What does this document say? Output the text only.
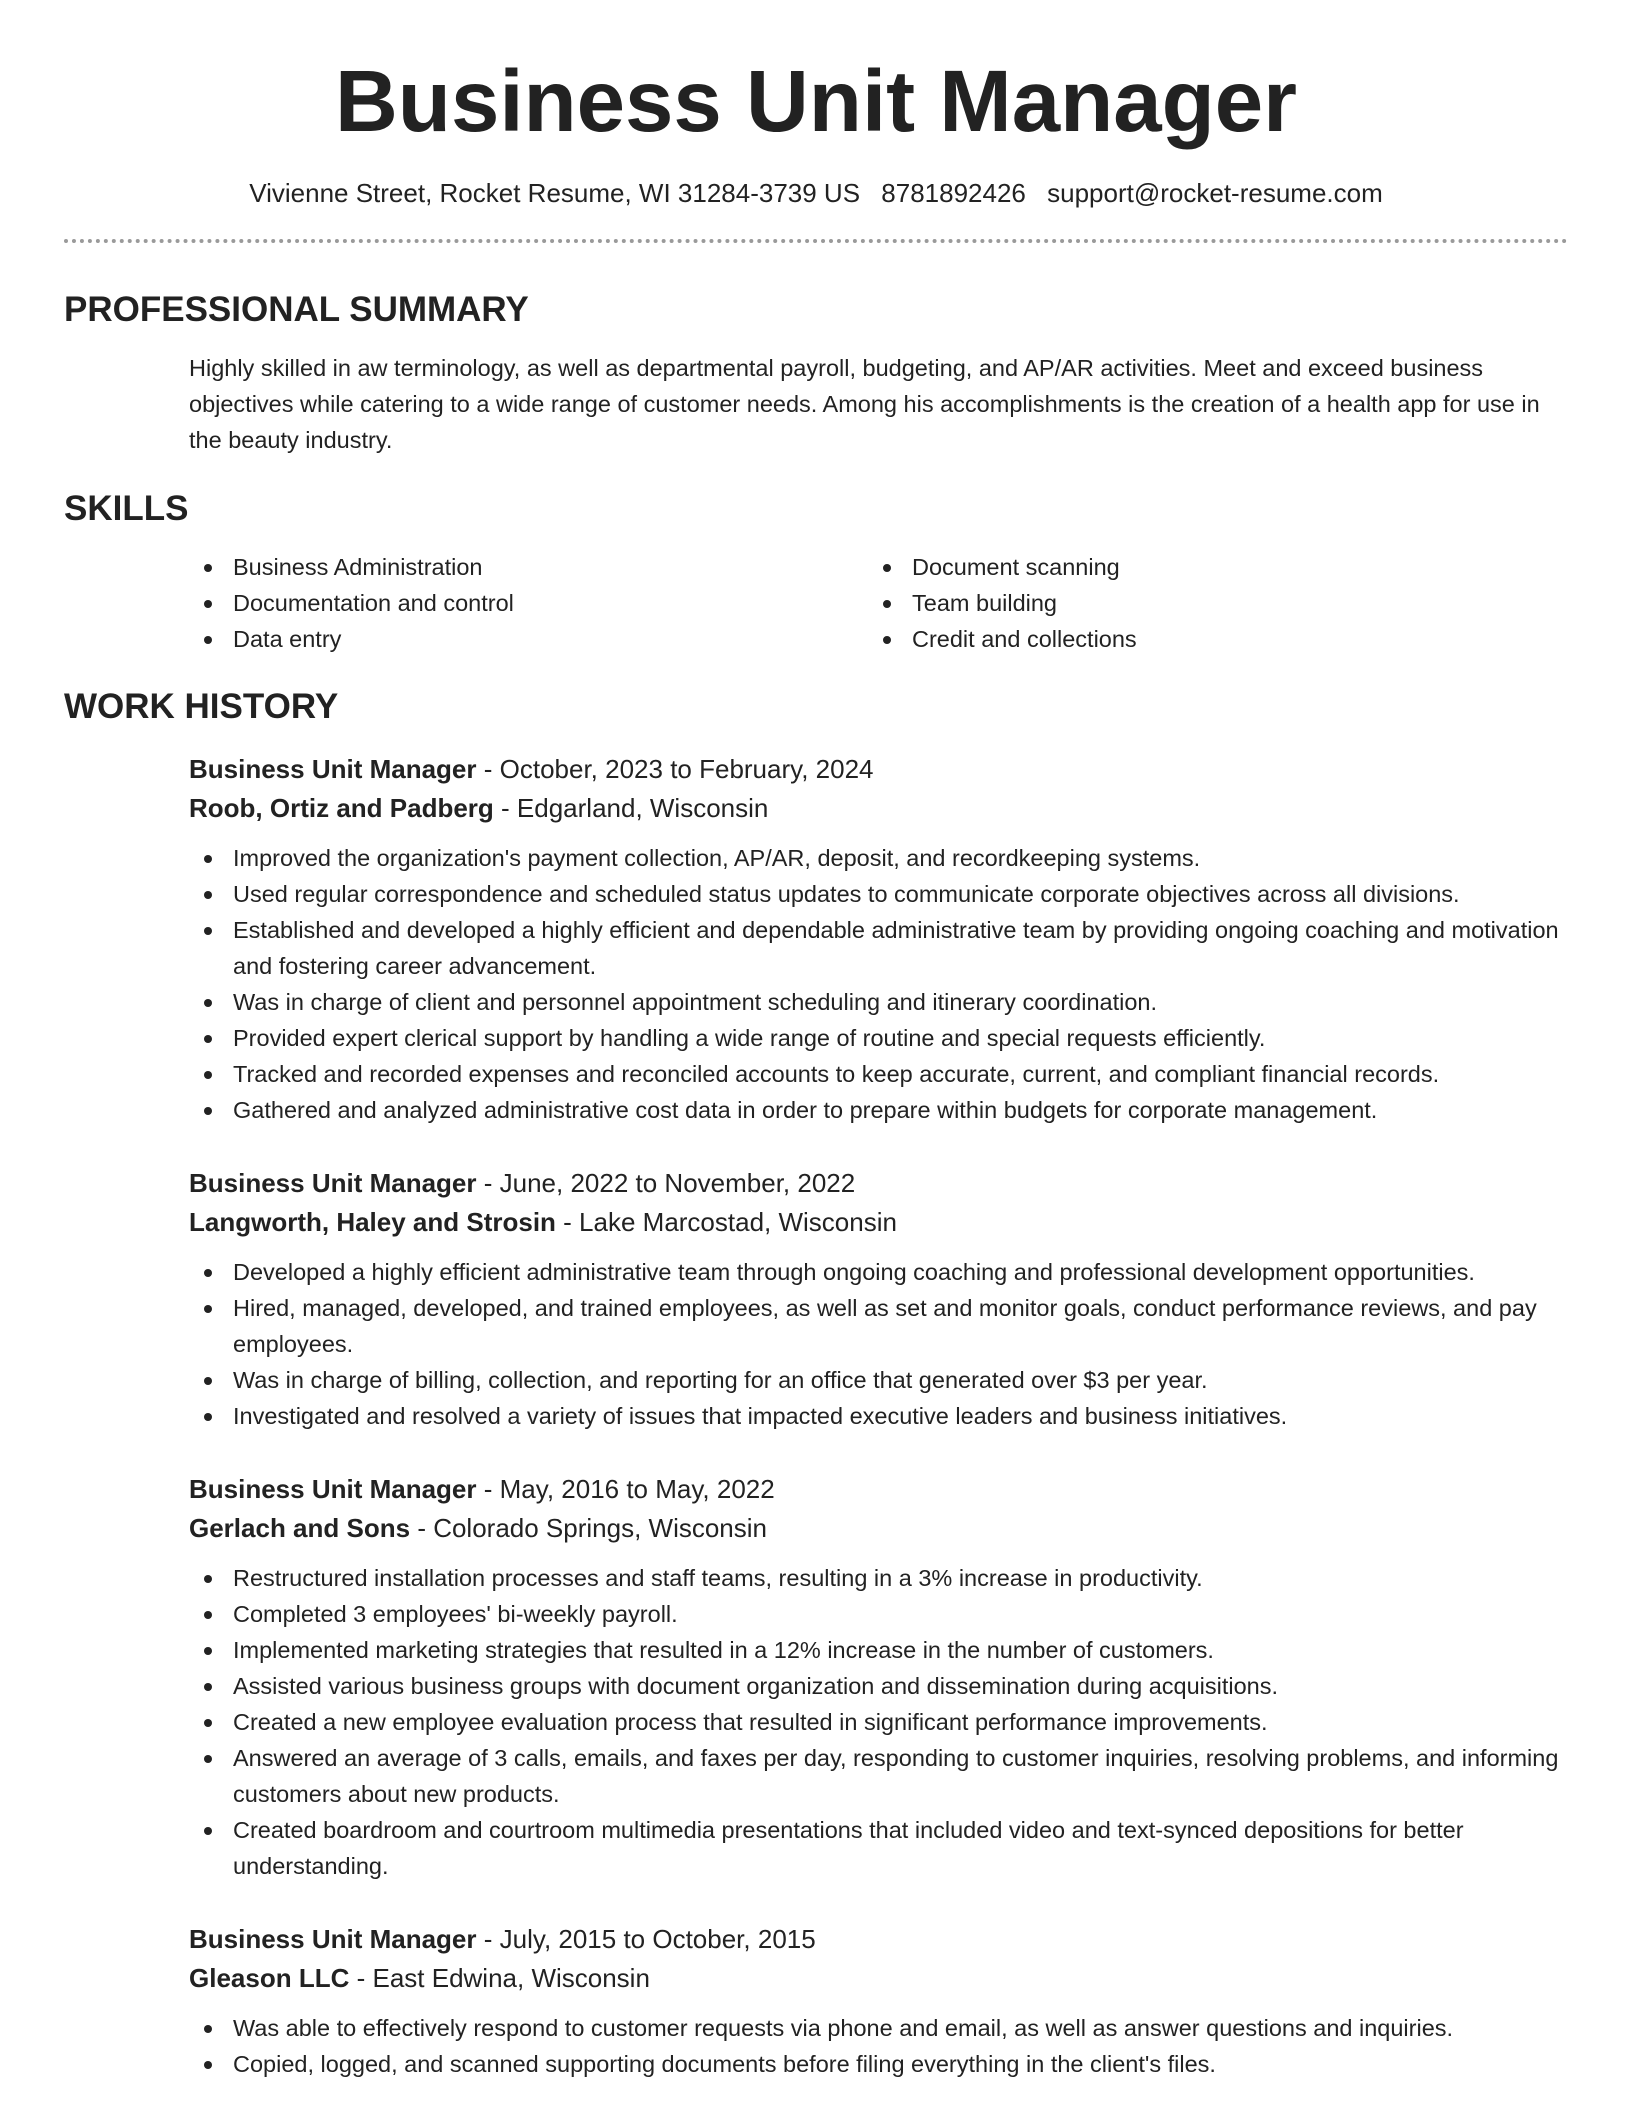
Business Unit Manager
Vivienne Street, Rocket Resume, WI 31284-3739 US 8781892426 support@rocket-resume.com
PROFESSIONAL SUMMARY

Highly skilled in aw terminology, as well as departmental payroll, budgeting, and AP/AR activities. Meet and exceed business objectives while catering to a wide range of customer needs. Among his accomplishments is the creation of a health app for use in the beauty industry.

SKILLS
Business Administration
Documentation and control
Data entry
Document scanning
Team building
Credit and collections
WORK HISTORY
Business Unit Manager - October, 2023 to February, 2024
Roob, Ortiz and Padberg - Edgarland, Wisconsin
Improved the organization's payment collection, AP/AR, deposit, and recordkeeping systems.
Used regular correspondence and scheduled status updates to communicate corporate objectives across all divisions.
Established and developed a highly efficient and dependable administrative team by providing ongoing coaching and motivation and fostering career advancement.
Was in charge of client and personnel appointment scheduling and itinerary coordination.
Provided expert clerical support by handling a wide range of routine and special requests efficiently.
Tracked and recorded expenses and reconciled accounts to keep accurate, current, and compliant financial records.
Gathered and analyzed administrative cost data in order to prepare within budgets for corporate management.
Business Unit Manager - June, 2022 to November, 2022
Langworth, Haley and Strosin - Lake Marcostad, Wisconsin
Developed a highly efficient administrative team through ongoing coaching and professional development opportunities.
Hired, managed, developed, and trained employees, as well as set and monitor goals, conduct performance reviews, and pay employees.
Was in charge of billing, collection, and reporting for an office that generated over $3 per year.
Investigated and resolved a variety of issues that impacted executive leaders and business initiatives.
Business Unit Manager - May, 2016 to May, 2022
Gerlach and Sons - Colorado Springs, Wisconsin
Restructured installation processes and staff teams, resulting in a 3% increase in productivity.
Completed 3 employees' bi-weekly payroll.
Implemented marketing strategies that resulted in a 12% increase in the number of customers.
Assisted various business groups with document organization and dissemination during acquisitions.
Created a new employee evaluation process that resulted in significant performance improvements.
Answered an average of 3 calls, emails, and faxes per day, responding to customer inquiries, resolving problems, and informing customers about new products.
Created boardroom and courtroom multimedia presentations that included video and text-synced depositions for better understanding.
Business Unit Manager - July, 2015 to October, 2015
Gleason LLC - East Edwina, Wisconsin
Was able to effectively respond to customer requests via phone and email, as well as answer questions and inquiries.
Copied, logged, and scanned supporting documents before filing everything in the client's files.
